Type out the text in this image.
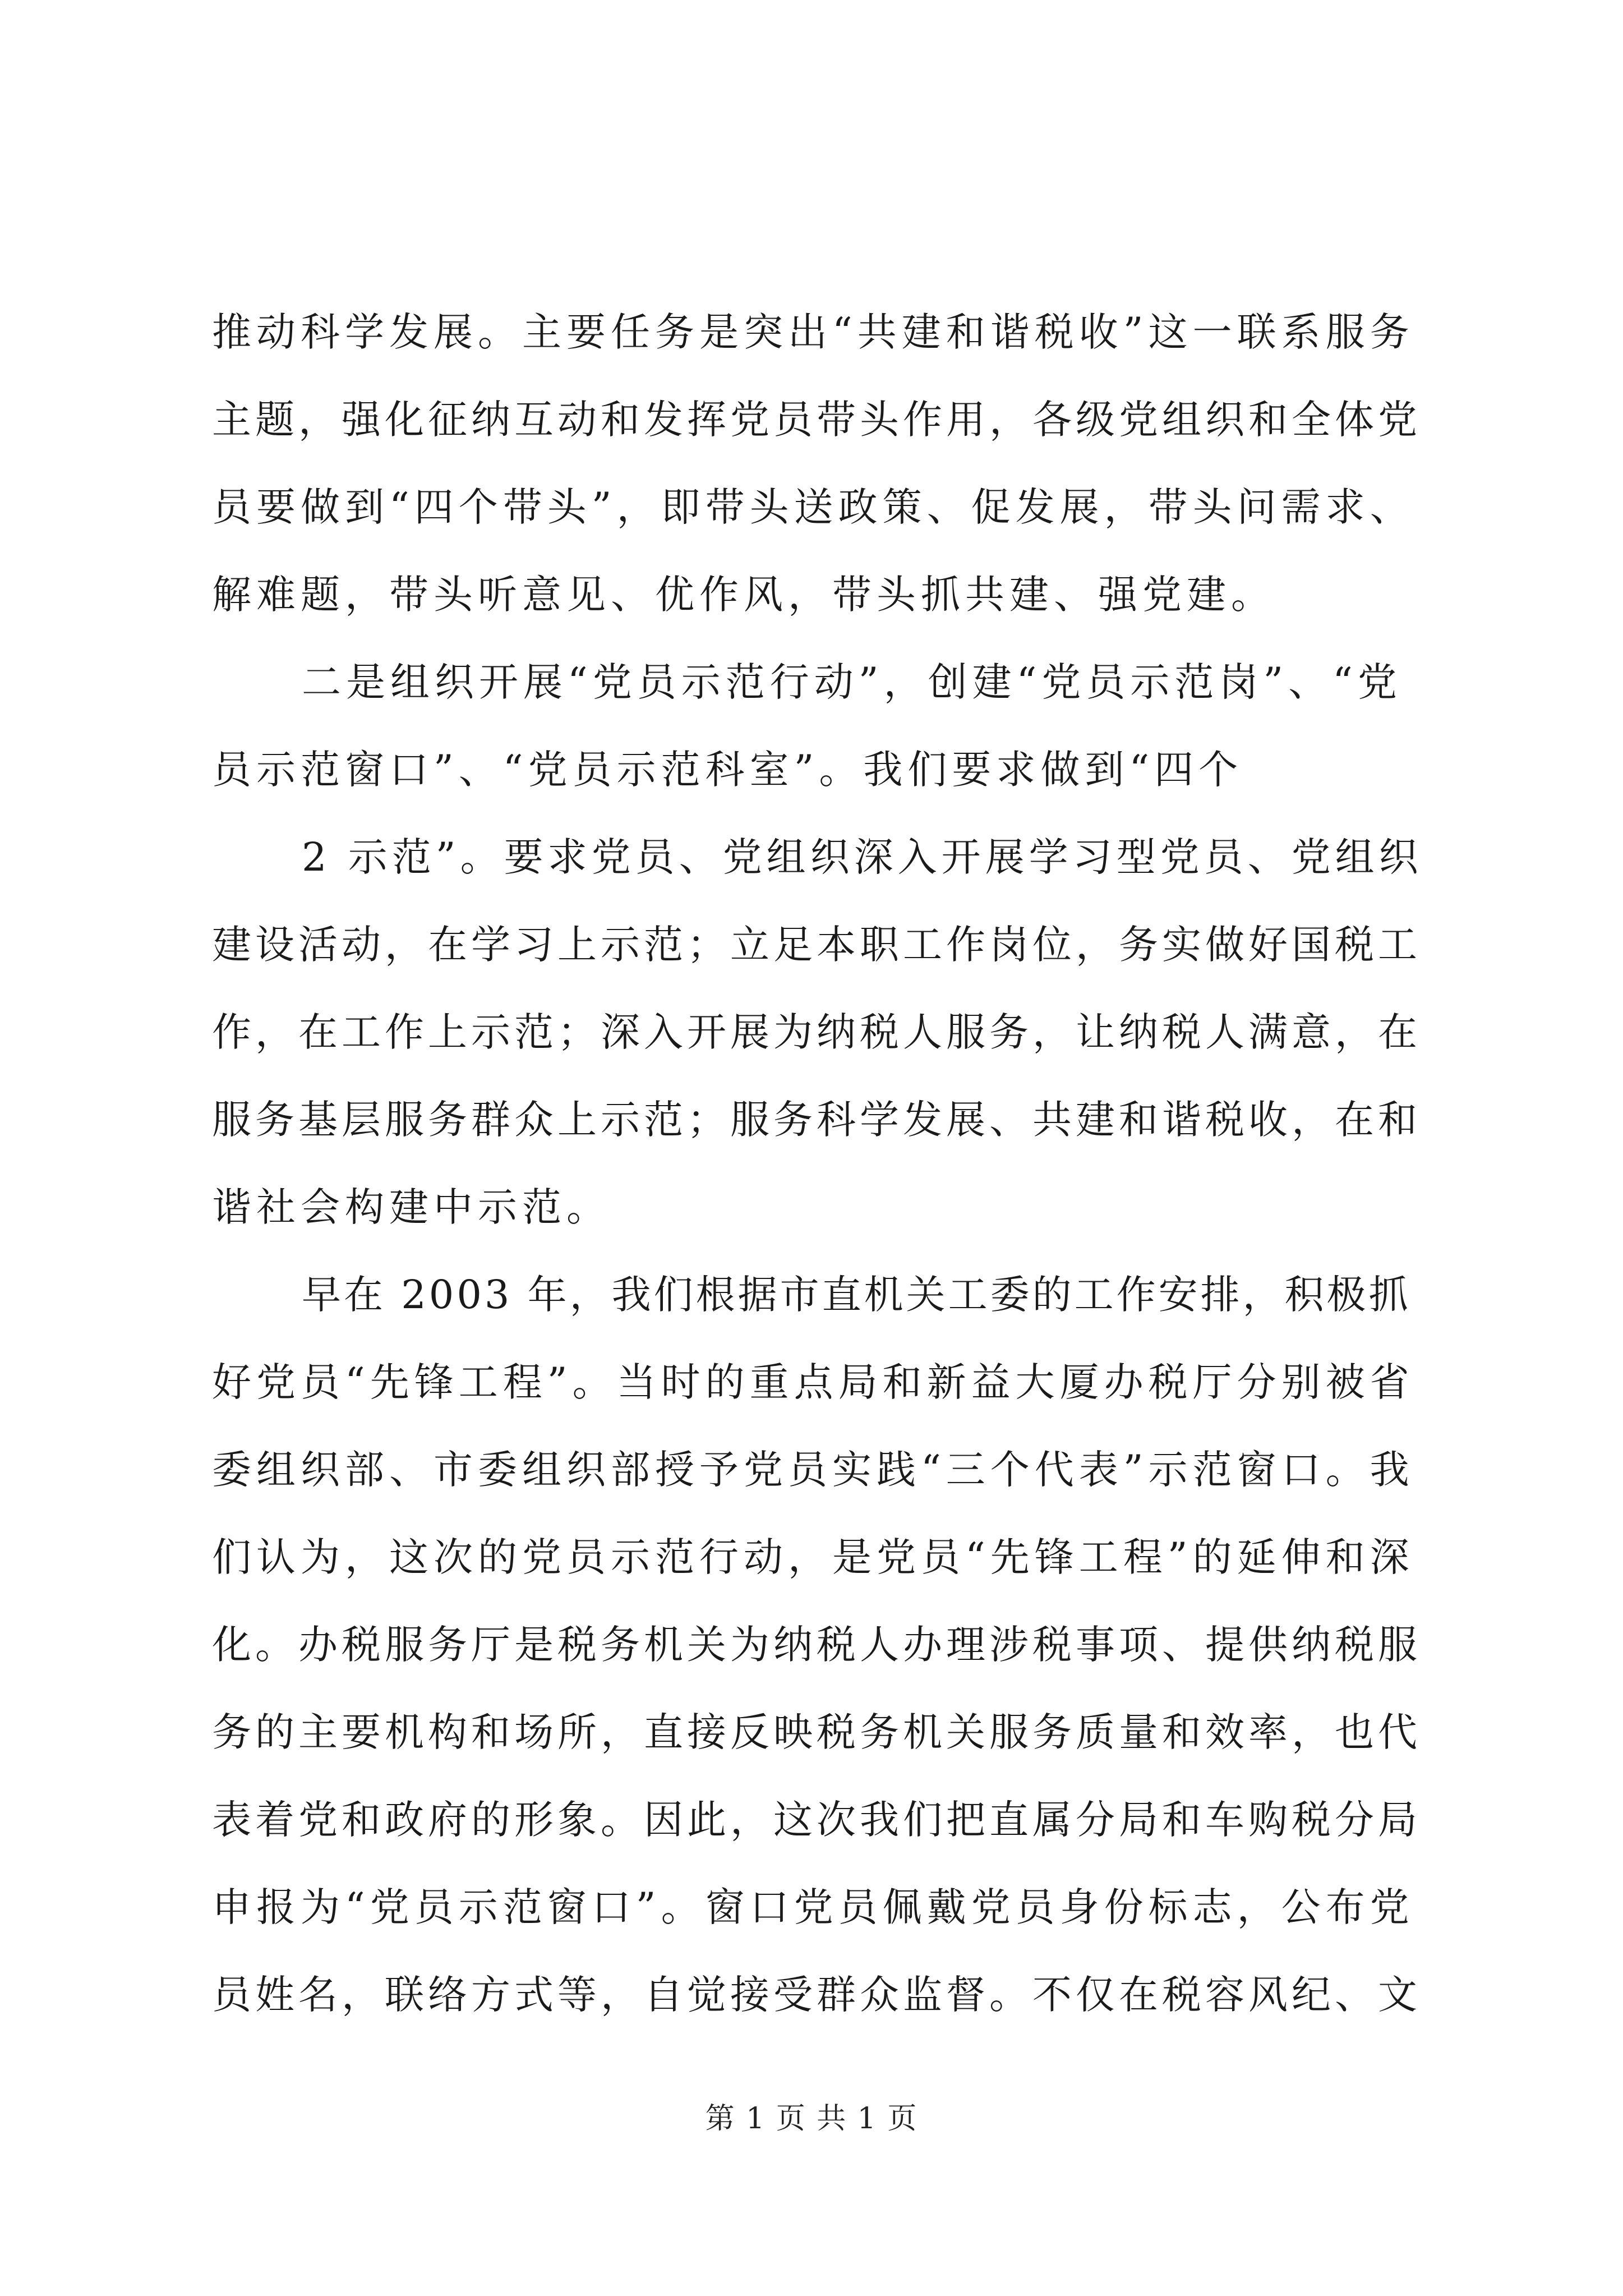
推动科学发展。主要任务是突出“共建和谐税收”这一联系服务
主题，强化征纳互动和发挥党员带头作用，各级党组织和全体党
员要做到“四个带头”，即带头送政策、促发展，带头问需求、
解难题，带头听意见、优作风，带头抓共建、强党建。
二是组织开展“党员示范行动”，创建“党员示范岗”、“党
员示范窗口”、“党员示范科室”。我们要求做到“四个
2 示范”。要求党员、党组织深入开展学习型党员、党组织
建设活动，在学习上示范；立足本职工作岗位，务实做好国税工
作，在工作上示范；深入开展为纳税人服务，让纳税人满意，在
服务基层服务群众上示范；服务科学发展、共建和谐税收，在和
谐社会构建中示范。
早在 2003 年，我们根据市直机关工委的工作安排，积极抓
好党员“先锋工程”。当时的重点局和新益大厦办税厅分别被省
委组织部、市委组织部授予党员实践“三个代表”示范窗口。我
们认为，这次的党员示范行动，是党员“先锋工程”的延伸和深
化。办税服务厅是税务机关为纳税人办理涉税事项、提供纳税服
务的主要机构和场所，直接反映税务机关服务质量和效率，也代
表着党和政府的形象。因此，这次我们把直属分局和车购税分局
申报为“党员示范窗口”。窗口党员佩戴党员身份标志，公布党
员姓名，联络方式等，自觉接受群众监督。不仅在税容风纪、文
第 1 页 共 1 页
